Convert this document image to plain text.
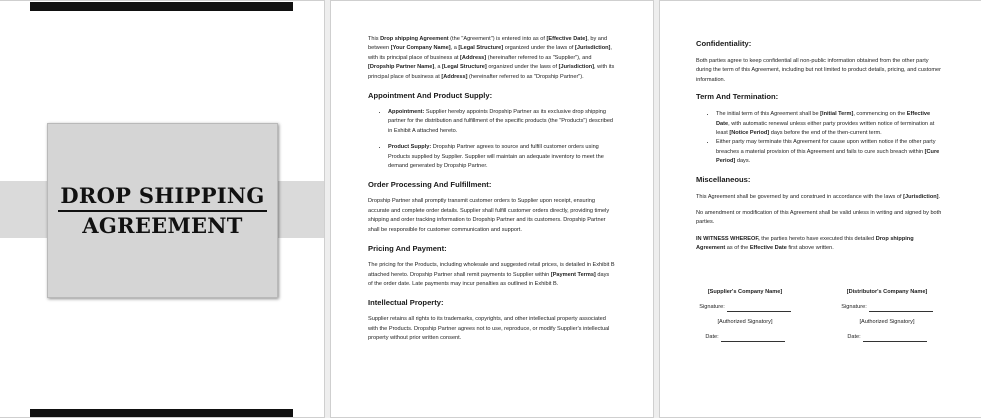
DROP SHIPPING
AGREEMENT

This Drop shipping Agreement (the "Agreement") is entered into as of [Effective Date], by and between [Your Company Name], a [Legal Structure] organized under the laws of [Jurisdiction], with its principal place of business at [Address] (hereinafter referred to as "Supplier"), and [Dropship Partner Name], a [Legal Structure] organized under the laws of [Jurisdiction], with its principal place of business at [Address] (hereinafter referred to as "Dropship Partner").

Appointment And Product Supply:
• Appointment: Supplier hereby appoints Dropship Partner as its exclusive drop shipping partner for the distribution and fulfillment of the specific products (the "Products") described in Exhibit A attached hereto.
• Product Supply: Dropship Partner agrees to source and fulfill customer orders using Products supplied by Supplier. Supplier will maintain an adequate inventory to meet the demand generated by Dropship Partner.
Order Processing And Fulfillment:

Dropship Partner shall promptly transmit customer orders to Supplier upon receipt, ensuring accurate and complete order details. Supplier shall fulfill customer orders directly, providing timely shipping and order tracking information to Dropship Partner and its customers. Dropship Partner shall be responsible for customer communication and support.

Pricing And Payment:

The pricing for the Products, including wholesale and suggested retail prices, is detailed in Exhibit B attached hereto. Dropship Partner shall remit payments to Supplier within [Payment Terms] days of the order date. Late payments may incur penalties as outlined in Exhibit B.

Intellectual Property:

Supplier retains all rights to its trademarks, copyrights, and other intellectual property associated with the Products. Dropship Partner agrees not to use, reproduce, or modify Supplier's intellectual property without prior written consent.

Confidentiality:

Both parties agree to keep confidential all non-public information obtained from the other party during the term of this Agreement, including but not limited to product details, pricing, and customer information.

Term And Termination:
• The initial term of this Agreement shall be [Initial Term], commencing on the Effective Date, with automatic renewal unless either party provides written notice of termination at least [Notice Period] days before the end of the then-current term.
• Either party may terminate this Agreement for cause upon written notice if the other party breaches a material provision of this Agreement and fails to cure such breach within [Cure Period] days.
Miscellaneous:

This Agreement shall be governed by and construed in accordance with the laws of [Jurisdiction].

No amendment or modification of this Agreement shall be valid unless in writing and signed by both parties.

IN WITNESS WHEREOF, the parties hereto have executed this detailed Drop shipping Agreement as of the Effective Date first above written.

[Supplier's Company Name]
Signature:
[Authorized Signatory]
Date:
[Distributor's Company Name]
Signature:
[Authorized Signatory]
Date:
